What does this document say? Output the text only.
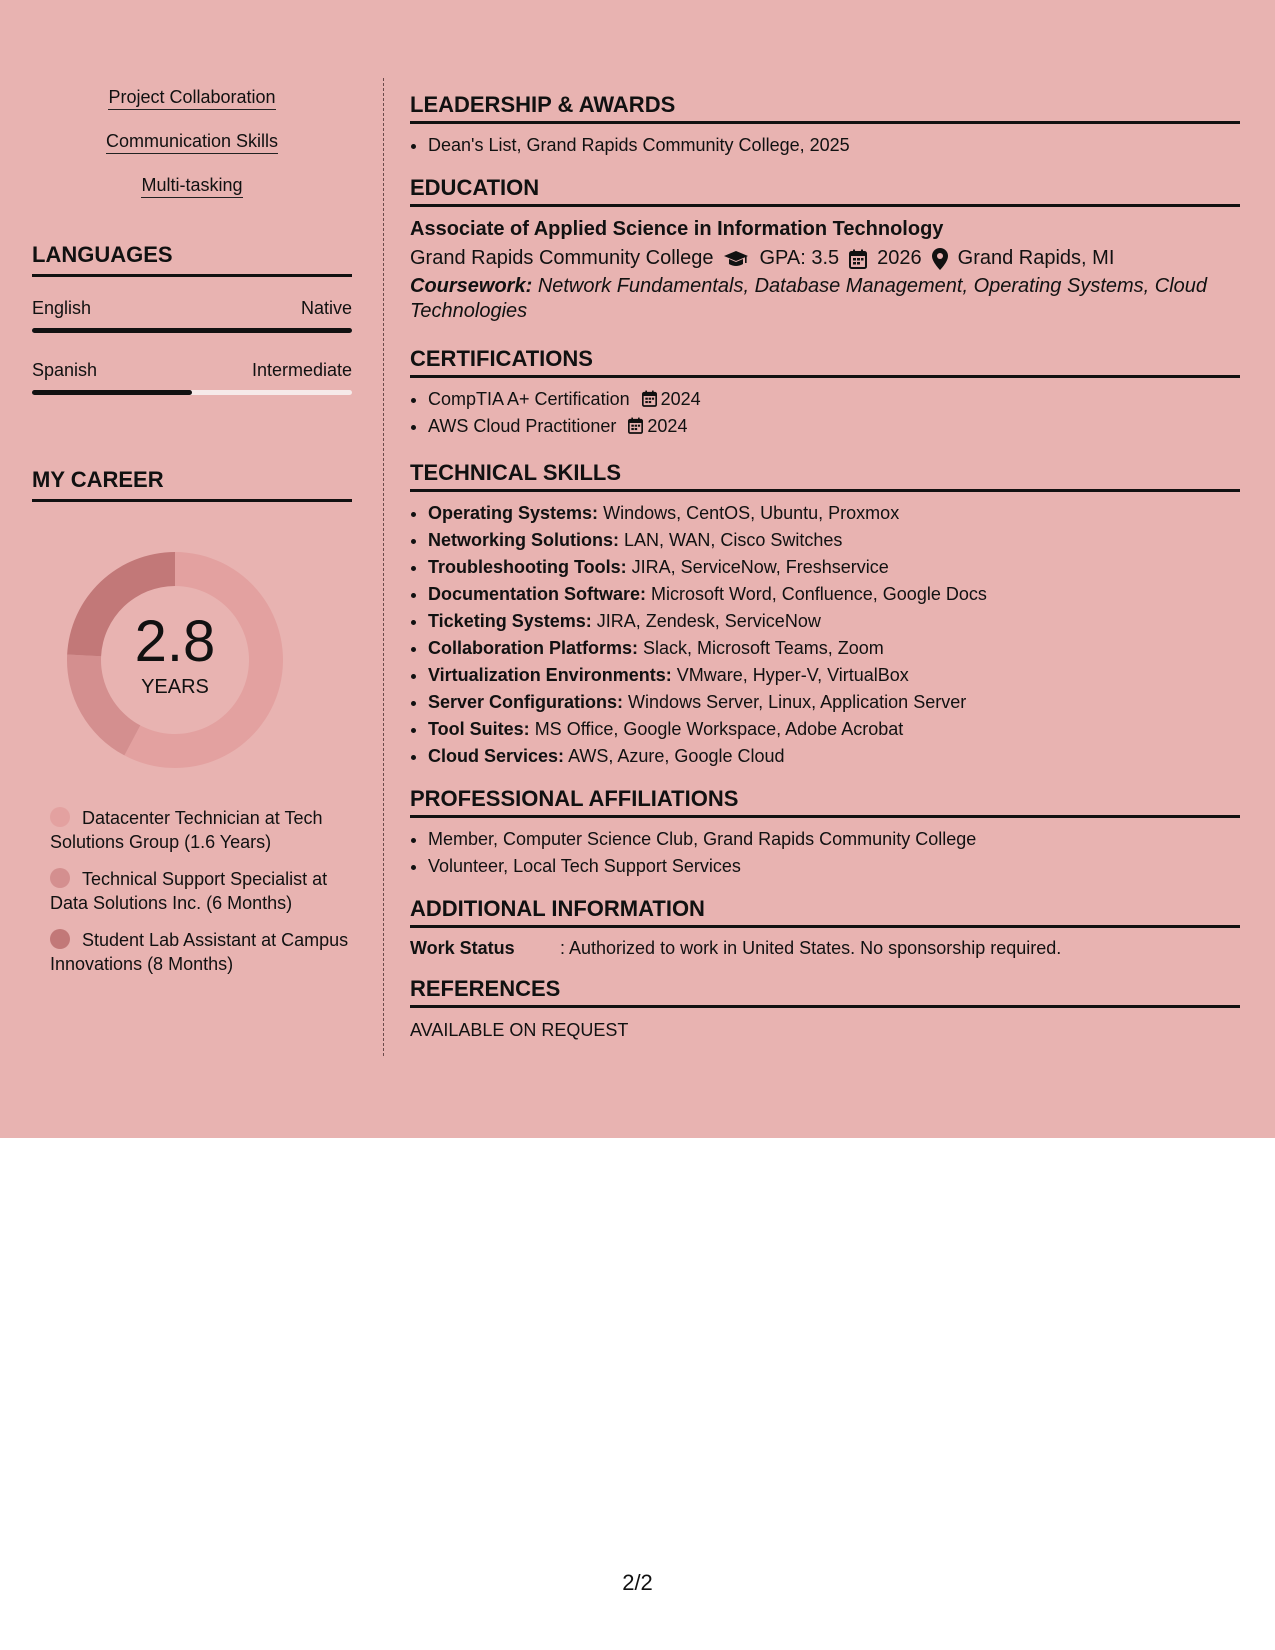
Project Collaboration
Communication Skills
Multi-tasking
LANGUAGES
English	Native
Spanish	Intermediate
MY CAREER
2.8
YEARS
Datacenter Technician at Tech Solutions Group (1.6 Years)
Technical Support Specialist at Data Solutions Inc. (6 Months)
Student Lab Assistant at Campus Innovations (8 Months)
LEADERSHIP & AWARDS
• Dean's List, Grand Rapids Community College, 2025
EDUCATION
Associate of Applied Science in Information Technology
Grand Rapids Community College GPA: 3.5 2026 Grand Rapids, MI
Coursework: Network Fundamentals, Database Management, Operating Systems, Cloud Technologies
CERTIFICATIONS
• CompTIA A+ Certification 2024
• AWS Cloud Practitioner 2024
TECHNICAL SKILLS
• Operating Systems: Windows, CentOS, Ubuntu, Proxmox
• Networking Solutions: LAN, WAN, Cisco Switches
• Troubleshooting Tools: JIRA, ServiceNow, Freshservice
• Documentation Software: Microsoft Word, Confluence, Google Docs
• Ticketing Systems: JIRA, Zendesk, ServiceNow
• Collaboration Platforms: Slack, Microsoft Teams, Zoom
• Virtualization Environments: VMware, Hyper-V, VirtualBox
• Server Configurations: Windows Server, Linux, Application Server
• Tool Suites: MS Office, Google Workspace, Adobe Acrobat
• Cloud Services: AWS, Azure, Google Cloud
PROFESSIONAL AFFILIATIONS
• Member, Computer Science Club, Grand Rapids Community College
• Volunteer, Local Tech Support Services
ADDITIONAL INFORMATION
Work Status	: Authorized to work in United States. No sponsorship required.
REFERENCES
AVAILABLE ON REQUEST
2/2
